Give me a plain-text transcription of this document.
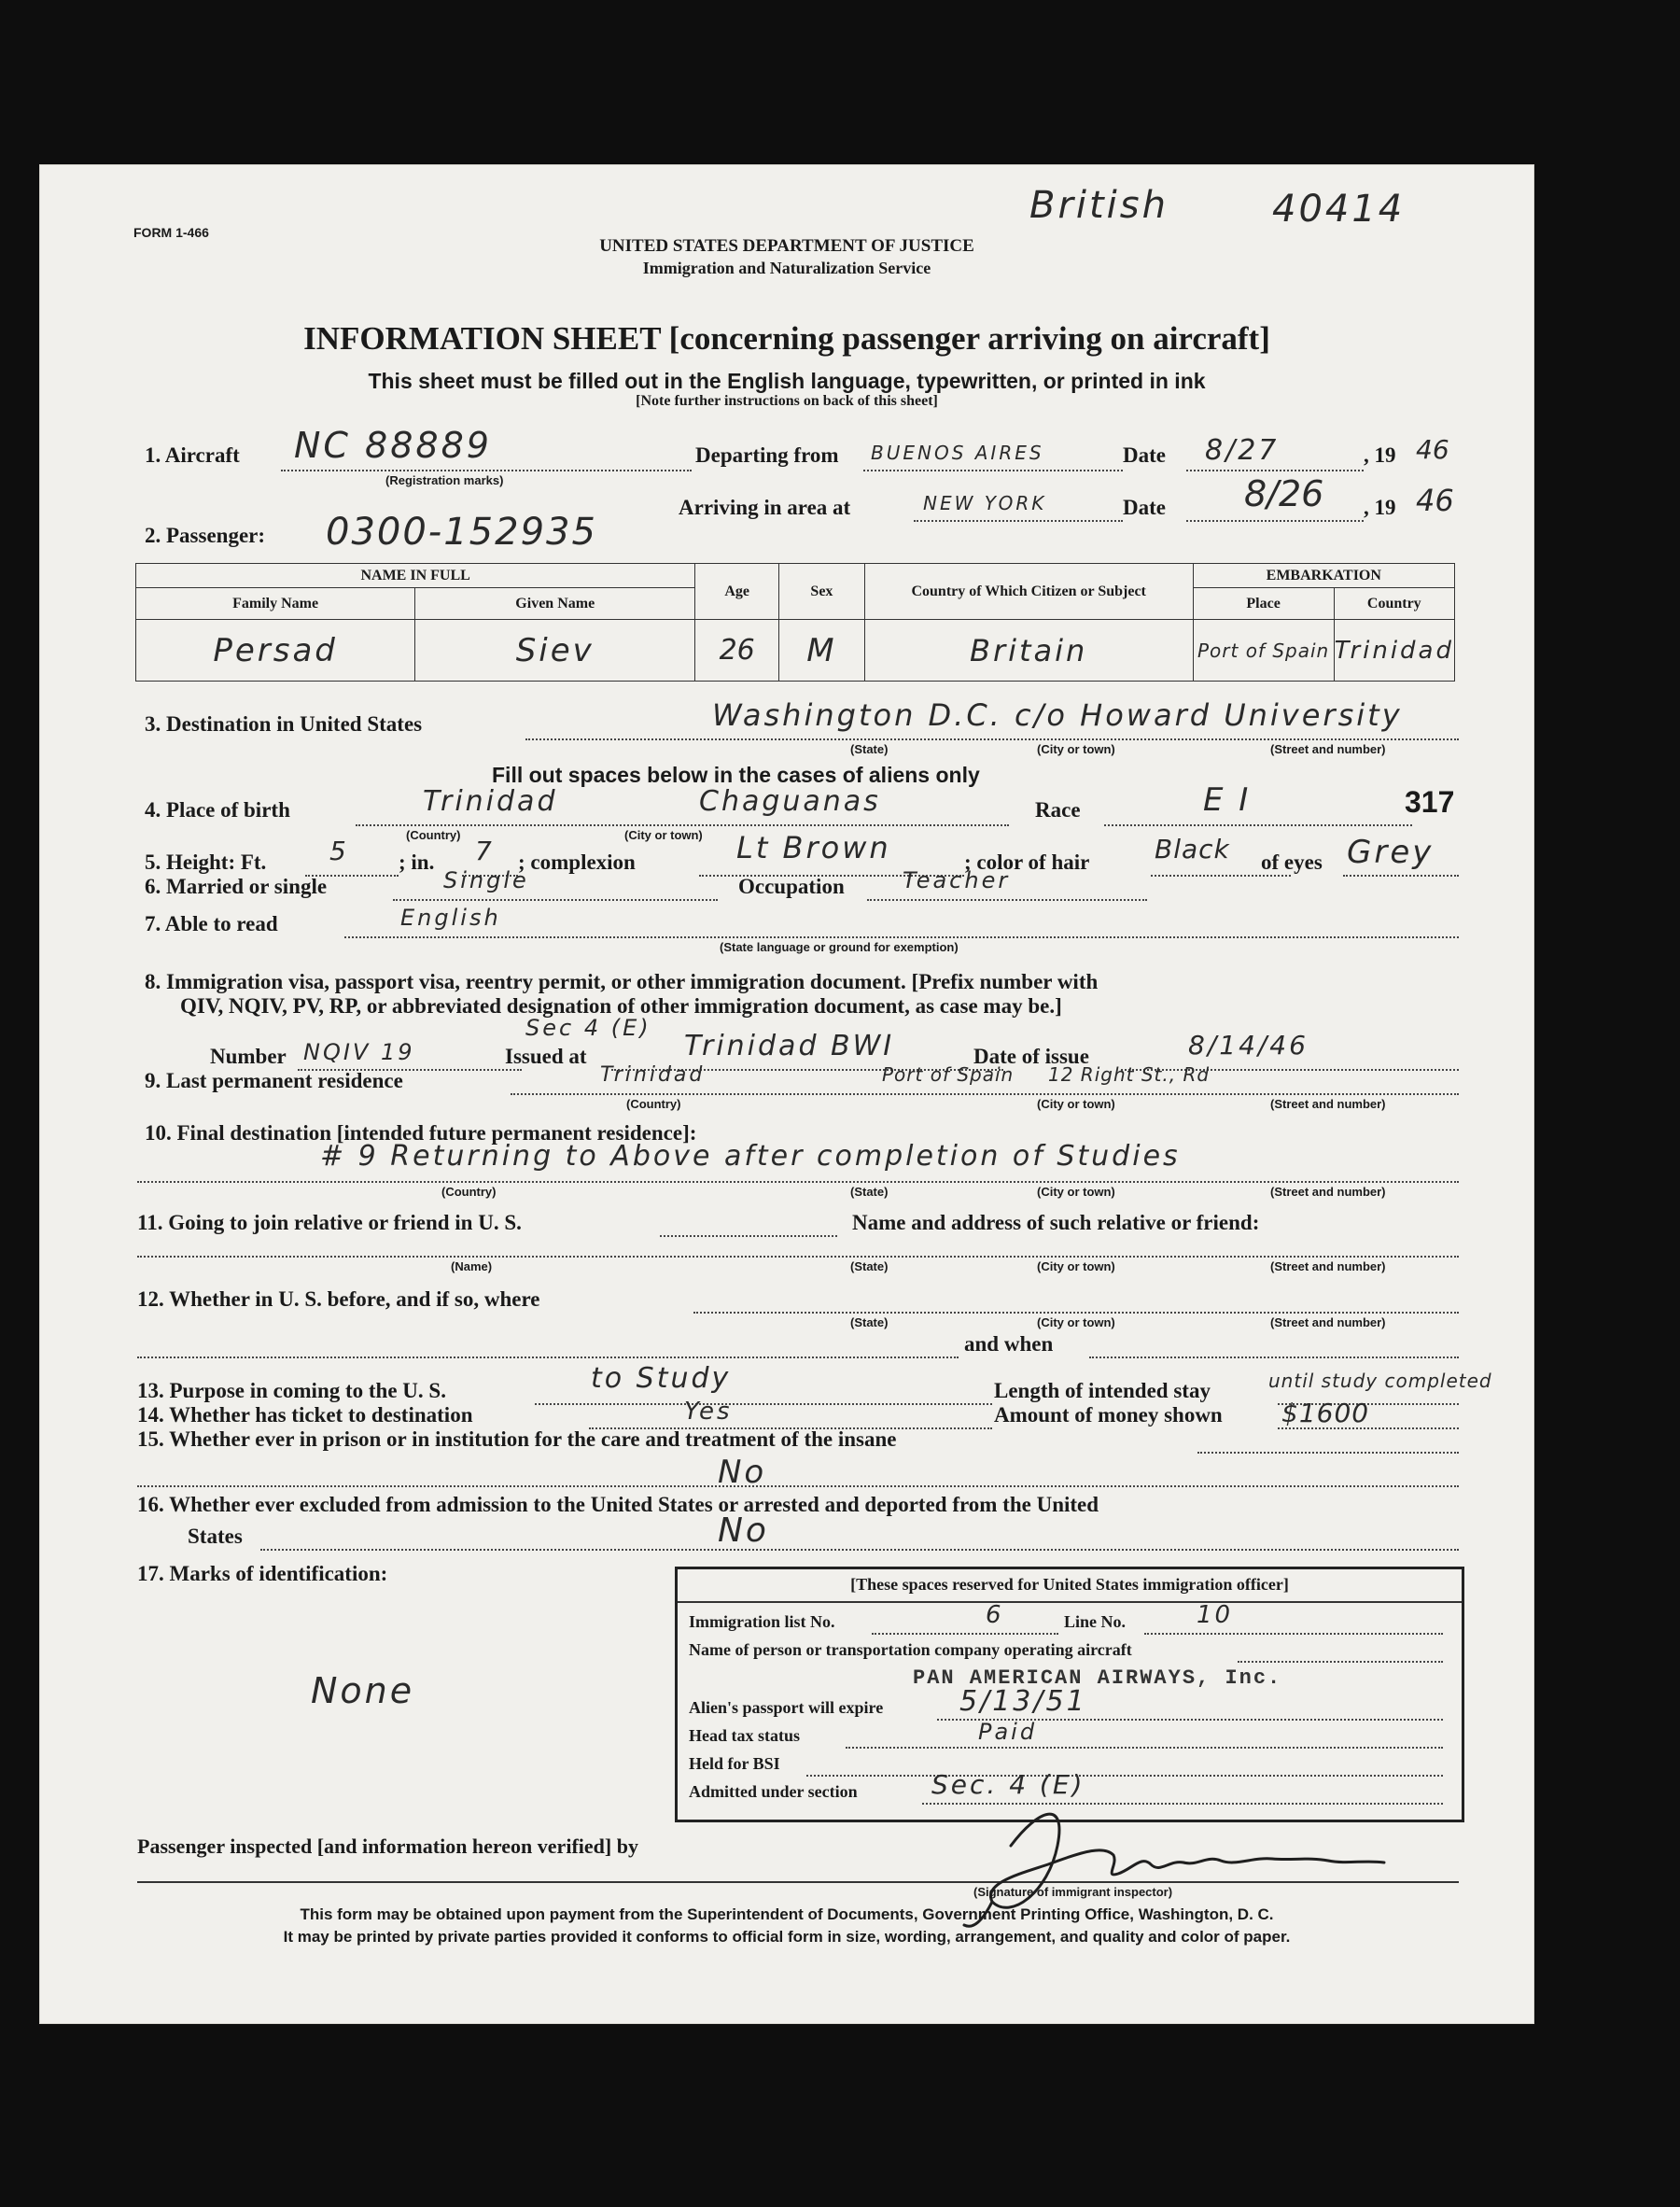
FORM 1-466
British	40414
UNITED STATES DEPARTMENT OF JUSTICE
Immigration and Naturalization Service
INFORMATION SHEET [concerning passenger arriving on aircraft]
This sheet must be filled out in the English language, typewritten, or printed in ink
[Note further instructions on back of this sheet]
1. Aircraft NC 88889
(Registration marks)
Departing from BUENOS AIRES	Date 8/27	, 19 46
Arriving in area at	NEW YORK	Date 8/26 , 19 46
2. Passenger: 0300-152935
NAME IN FULL		Age	Sex	Country of Which Citizen or Subject	EMBARKATION	
Family Name	Given Name				Place	Country
Persad	Siev	26	M	Britain	Port of Spain	Trinidad
3. Destination in United States	Washington D.C. c/o Howard University
(State)	(City or town)	(Street and number)
Fill out spaces below in the cases of aliens only
4. Place of birth	Trinidad	Chaguanas
(Country)	(City or town)
Race	E I	317
5. Height: Ft. 5 ; in. 7 ; complexion	Lt Brown	; color of hair Black of eyes Grey
6. Married or single	Single	Occupation	Teacher
7. Able to read	English
(State language or ground for exemption)
8. Immigration visa, passport visa, reentry permit, or other immigration document. [Prefix number with
QIV, NQIV, PV, RP, or abbreviated designation of other immigration document, as case may be.]
Number NQIV 19
Sec 4 (E)
Issued at	Trinidad BWI	Date of issue	8/14/46
9. Last permanent residence	Trinidad	Port of Spain 12 Right St., Rd
(Country)	(City or town)	(Street and number)
10. Final destination [intended future permanent residence]:
# 9 Returning to Above after completion of Studies
(Country)	(State)	(City or town)	(Street and number)
11. Going to join relative or friend in U. S.	Name and address of such relative or friend:
(Name)	(State)	(City or town)	(Street and number)
12. Whether in U. S. before, and if so, where
(State)	(City or town)	(Street and number)
and when
13. Purpose in coming to the U. S.	to Study	Length of intended stay	until study completed
14. Whether has ticket to destination	Yes	Amount of money shown $1600
15. Whether ever in prison or in institution for the care and treatment of the insane
No
16. Whether ever excluded from admission to the United States or arrested and deported from the United
States	No
17. Marks of identification:
None
[These spaces reserved for United States immigration officer]
Immigration list No.	6	Line No.	10
Name of person or transportation company operating aircraft
PAN AMERICAN AIRWAYS, Inc.
Alien's passport will expire	5/13/51
Head tax status	Paid
Held for BSI
Admitted under section	Sec. 4 (E)
Passenger inspected [and information hereon verified] by
(Signature of immigrant inspector)
This form may be obtained upon payment from the Superintendent of Documents, Government Printing Office, Washington, D. C.
It may be printed by private parties provided it conforms to official form in size, wording, arrangement, and quality and color of paper.
